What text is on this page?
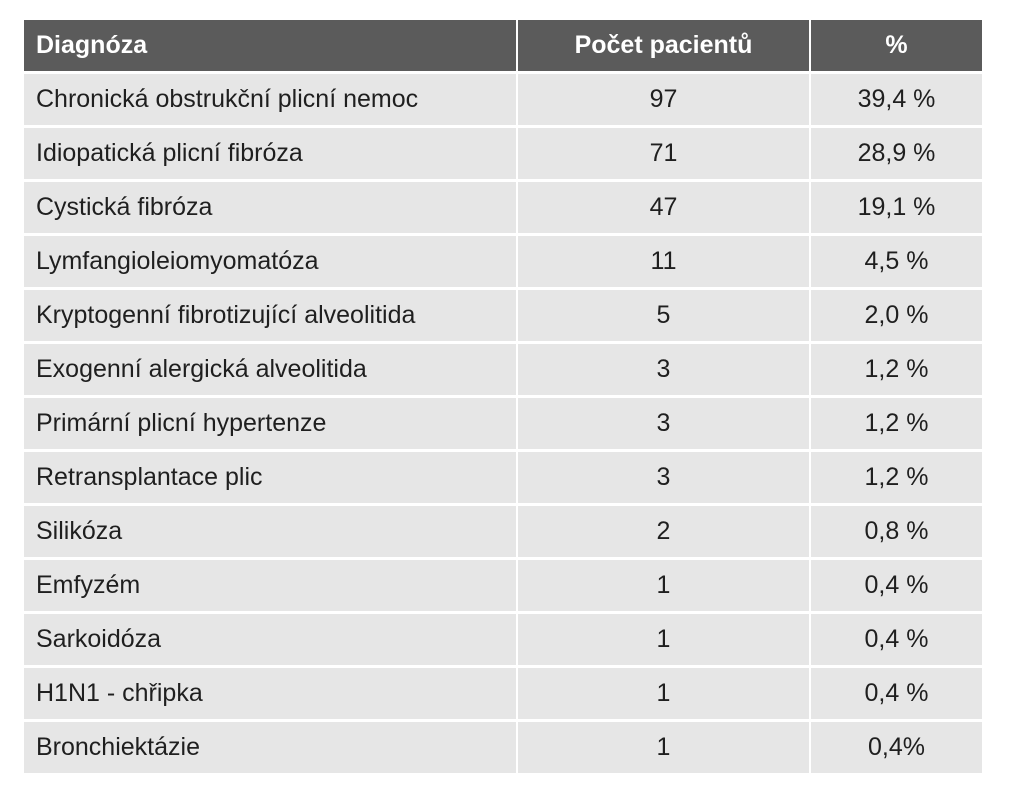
Diagnóza	Počet pacientů	%
Chronická obstrukční plicní nemoc	97	39,4 %
Idiopatická plicní fibróza	71	28,9 %
Cystická fibróza	47	19,1 %
Lymfangioleiomyomatóza	11	4,5 %
Kryptogenní fibrotizující alveolitida	5	2,0 %
Exogenní alergická alveolitida	3	1,2 %
Primární plicní hypertenze	3	1,2 %
Retransplantace plic	3	1,2 %
Silikóza	2	0,8 %
Emfyzém	1	0,4 %
Sarkoidóza	1	0,4 %
H1N1 - chřipka	1	0,4 %
Bronchiektázie	1	0,4%
